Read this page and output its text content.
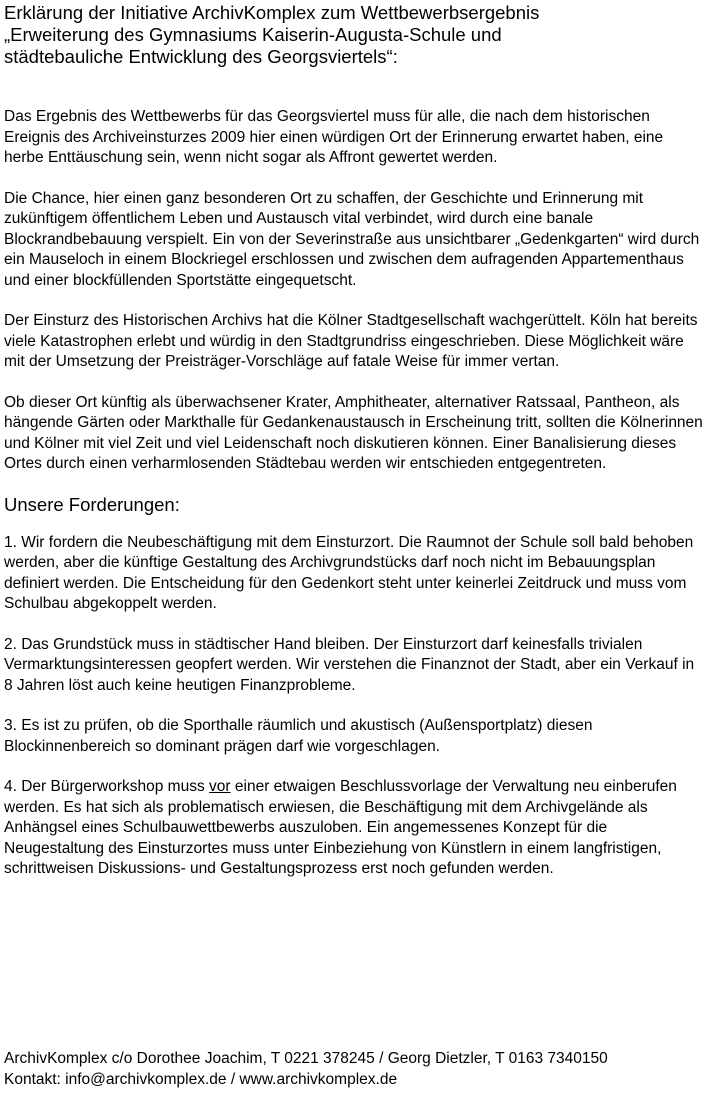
Erklärung der Initiative ArchivKomplex zum Wettbewerbsergebnis
„Erweiterung des Gymnasiums Kaiserin-Augusta-Schule und
städtebauliche Entwicklung des Georgsviertels“:

Das Ergebnis des Wettbewerbs für das Georgsviertel muss für alle, die nach dem historischen Ereignis des Archiveinsturzes 2009 hier einen würdigen Ort der Erinnerung erwartet haben, eine herbe Enttäuschung sein, wenn nicht sogar als Affront gewertet werden.

Die Chance, hier einen ganz besonderen Ort zu schaffen, der Geschichte und Erinnerung mit zukünftigem öffentlichem Leben und Austausch vital verbindet, wird durch eine banale Blockrandbebauung verspielt. Ein von der Severinstraße aus unsichtbarer „Gedenkgarten“ wird durch ein Mauseloch in einem Blockriegel erschlossen und zwischen dem aufragenden Appartementhaus und einer blockfüllenden Sportstätte eingequetscht.

Der Einsturz des Historischen Archivs hat die Kölner Stadtgesellschaft wachgerüttelt. Köln hat bereits viele Katastrophen erlebt und würdig in den Stadtgrundriss eingeschrieben. Diese Möglichkeit wäre mit der Umsetzung der Preisträger-Vorschläge auf fatale Weise für immer vertan.

Ob dieser Ort künftig als überwachsener Krater, Amphitheater, alternativer Ratssaal, Pantheon, als hängende Gärten oder Markthalle für Gedankenaustausch in Erscheinung tritt, sollten die Kölnerinnen und Kölner mit viel Zeit und viel Leidenschaft noch diskutieren können. Einer Banalisierung dieses Ortes durch einen verharmlosenden Städtebau werden wir entschieden entgegentreten.

Unsere Forderungen:

1. Wir fordern die Neubeschäftigung mit dem Einsturzort. Die Raumnot der Schule soll bald behoben werden, aber die künftige Gestaltung des Archivgrundstücks darf noch nicht im Bebauungsplan definiert werden. Die Entscheidung für den Gedenkort steht unter keinerlei Zeitdruck und muss vom Schulbau abgekoppelt werden.

2. Das Grundstück muss in städtischer Hand bleiben. Der Einsturzort darf keinesfalls trivialen Vermarktungsinteressen geopfert werden. Wir verstehen die Finanznot der Stadt, aber ein Verkauf in 8 Jahren löst auch keine heutigen Finanzprobleme.

3. Es ist zu prüfen, ob die Sporthalle räumlich und akustisch (Außensportplatz) diesen Blockinnenbereich so dominant prägen darf wie vorgeschlagen.

4. Der Bürgerworkshop muss vor einer etwaigen Beschlussvorlage der Verwaltung neu einberufen werden. Es hat sich als problematisch erwiesen, die Beschäftigung mit dem Archivgelände als Anhängsel eines Schulbauwettbewerbs auszuloben. Ein angemessenes Konzept für die Neugestaltung des Einsturzortes muss unter Einbeziehung von Künstlern in einem langfristigen, schrittweisen Diskussions- und Gestaltungsprozess erst noch gefunden werden.

ArchivKomplex c/o Dorothee Joachim, T 0221 378245 / Georg Dietzler, T 0163 7340150
Kontakt: info@archivkomplex.de / www.archivkomplex.de
